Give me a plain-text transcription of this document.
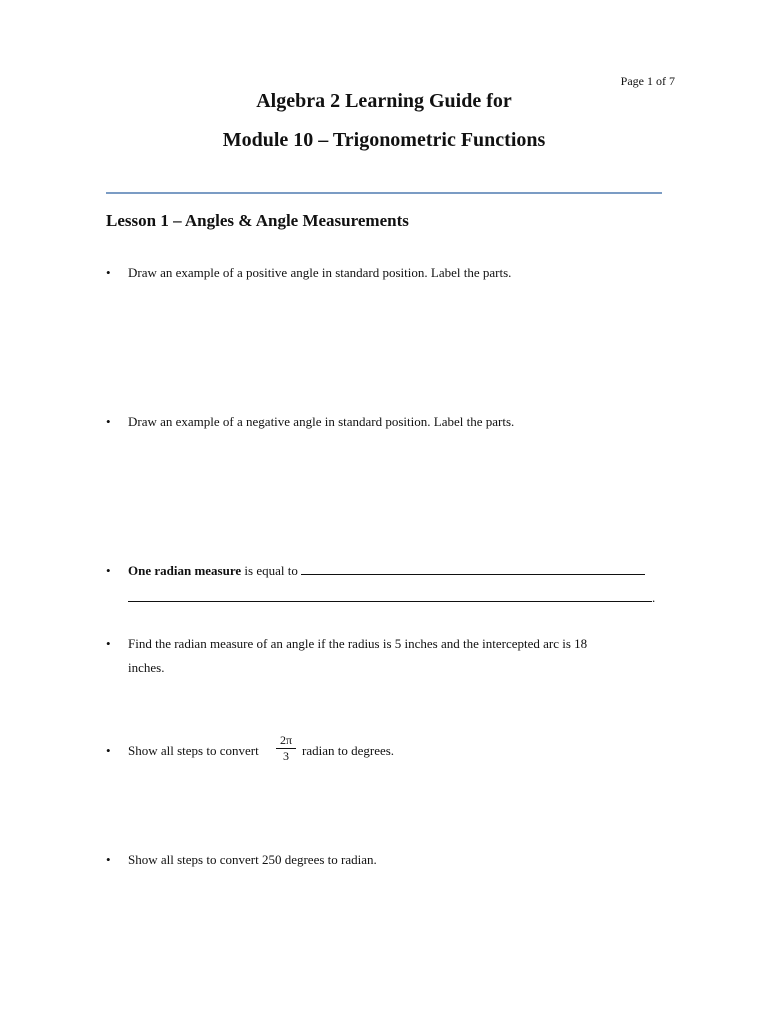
Page 1 of 7
Algebra 2 Learning Guide for
Module 10 – Trigonometric Functions
Lesson 1 – Angles & Angle Measurements
•	Draw an example of a positive angle in standard position. Label the parts.
•	Draw an example of a negative angle in standard position. Label the parts.
•	One radian measure is equal to
.
•	Find the radian measure of an angle if the radius is 5 inches and the intercepted arc is 18
inches.
•	Show all steps to convert	radian to degrees.
$\frac{2\pi}{3}$
•	Show all steps to convert 250 degrees to radian.
